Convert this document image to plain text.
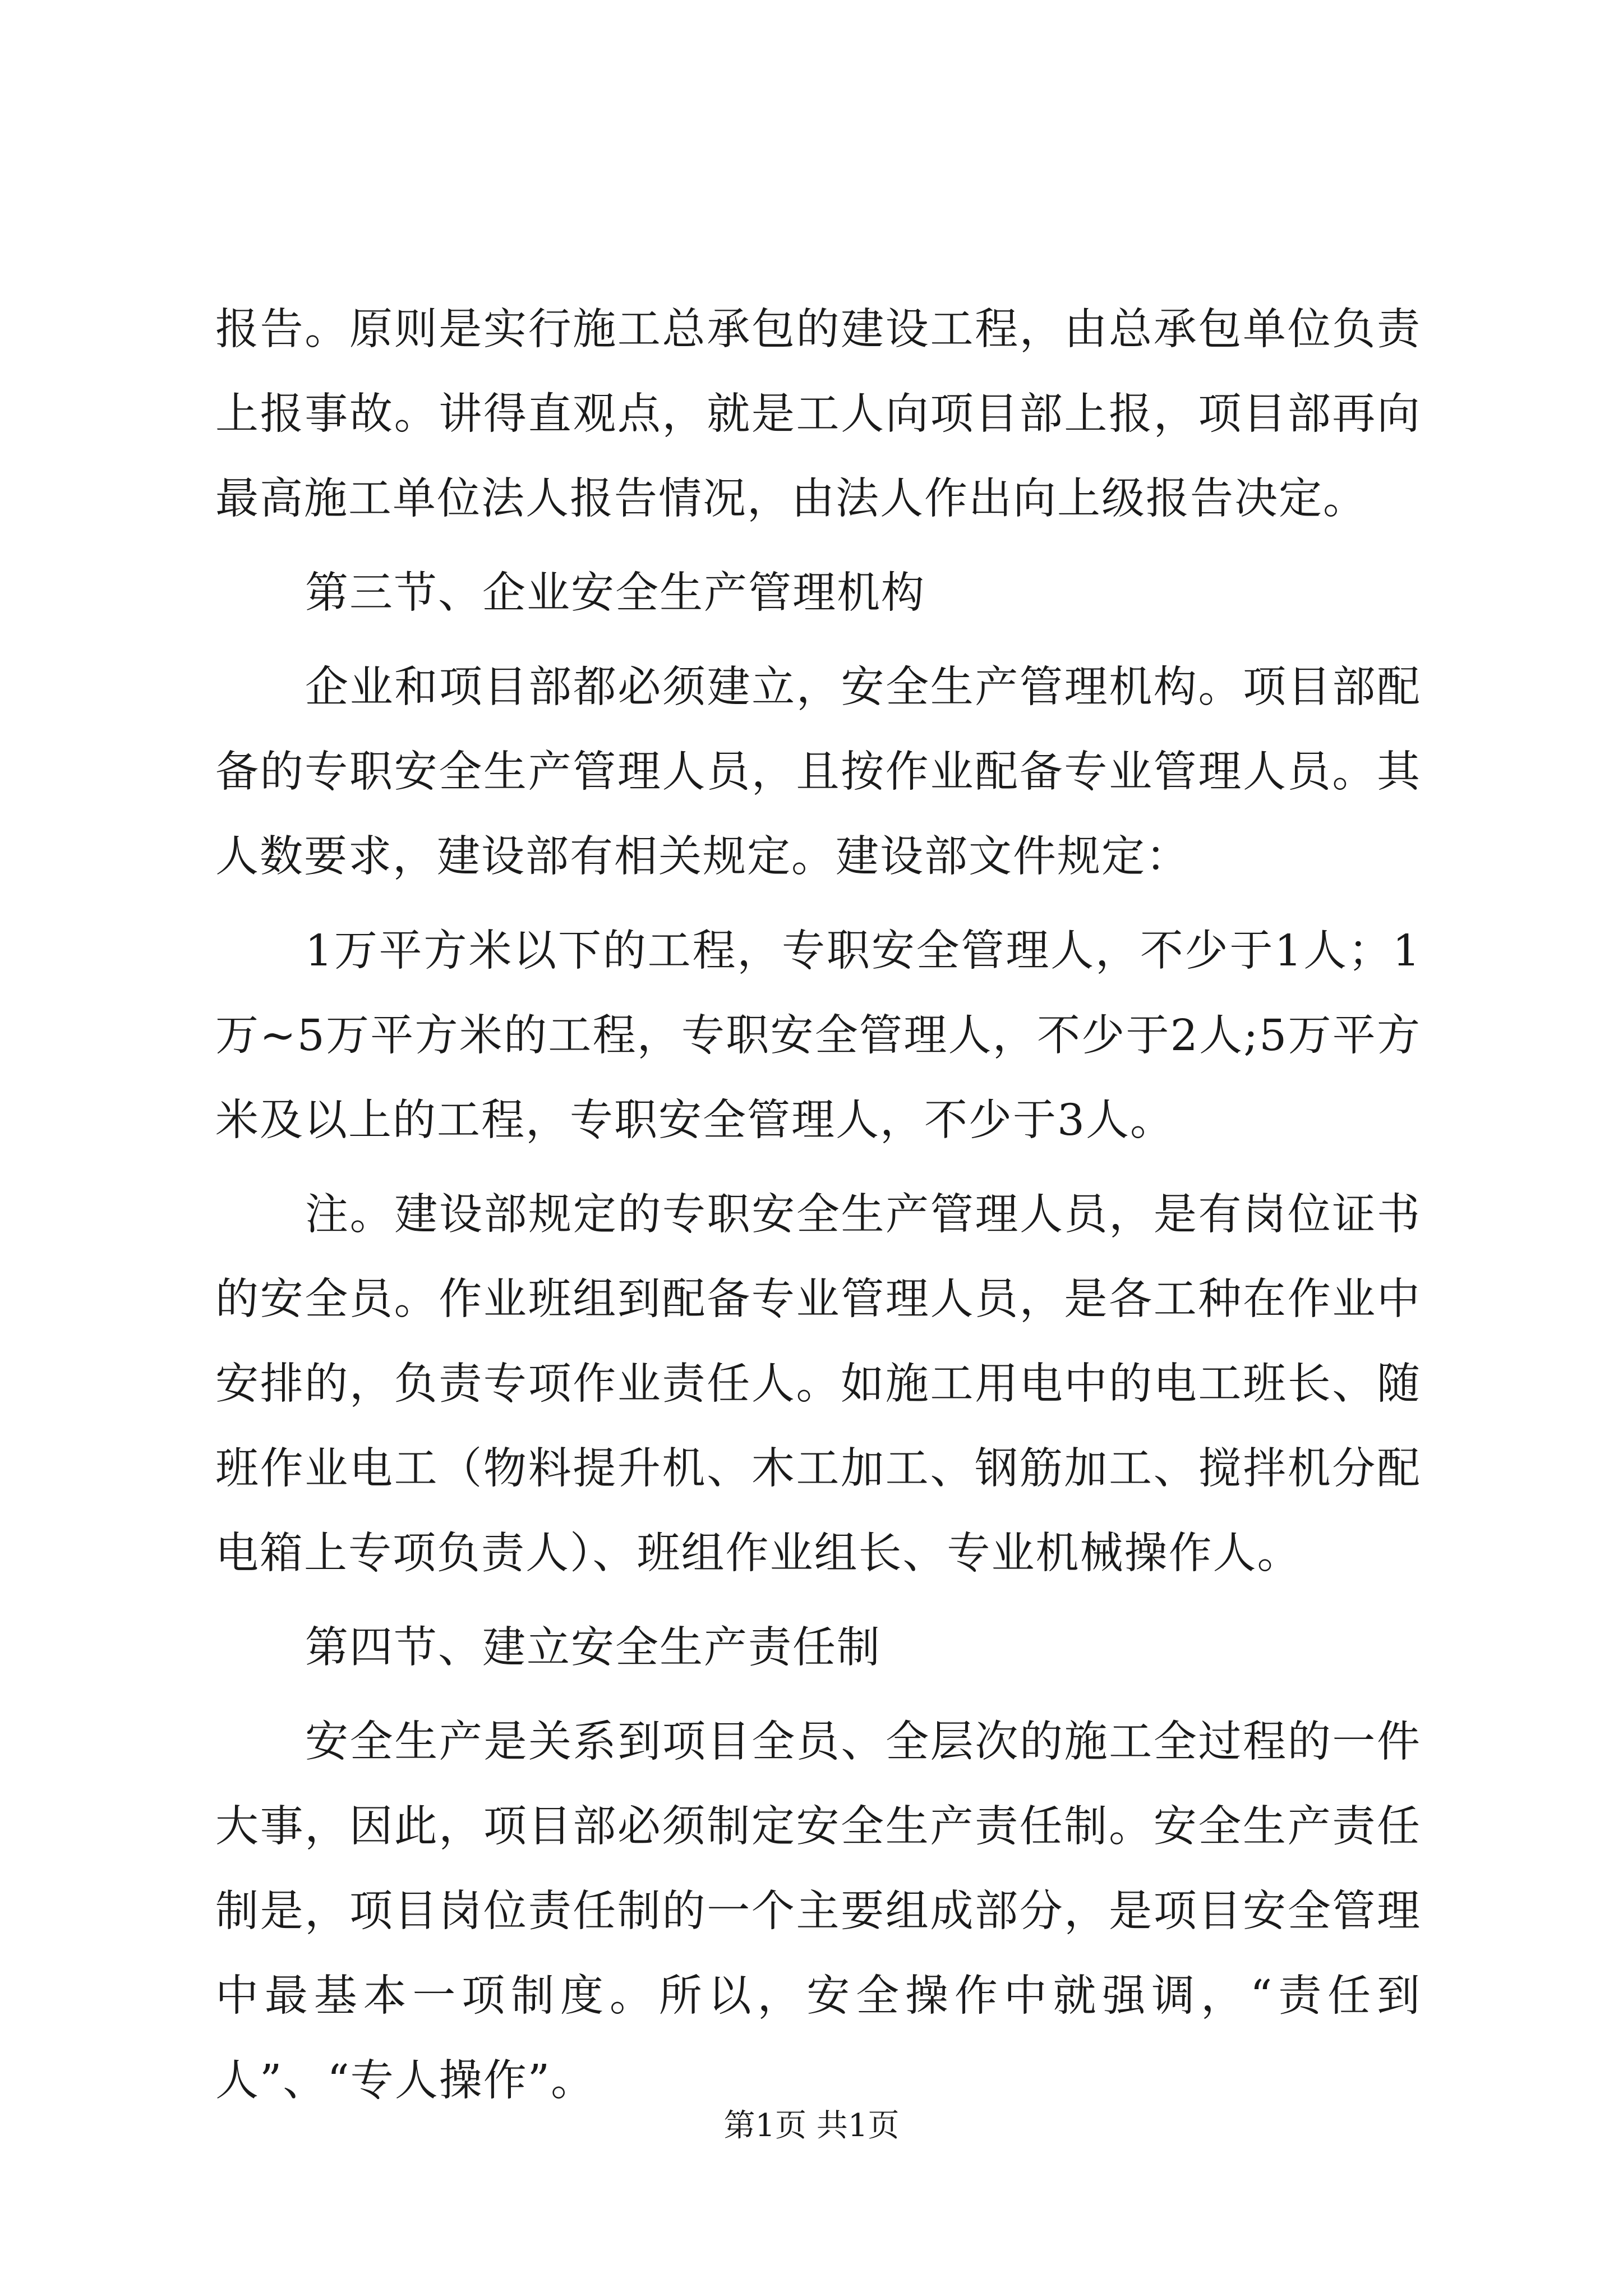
报告。原则是实行施工总承包的建设工程，由总承包单位负责上报事故。讲得直观点，就是工人向项目部上报，项目部再向最高施工单位法人报告情况，由法人作出向上级报告决定。

第三节、企业安全生产管理机构

企业和项目部都必须建立，安全生产管理机构。项目部配备的专职安全生产管理人员，且按作业配备专业管理人员。其人数要求，建设部有相关规定。建设部文件规定：

1万平方米以下的工程，专职安全管理人，不少于1人；1万~5万平方米的工程，专职安全管理人，不少于2人;5万平方米及以上的工程，专职安全管理人，不少于3人。

注。建设部规定的专职安全生产管理人员，是有岗位证书的安全员。作业班组到配备专业管理人员，是各工种在作业中安排的，负责专项作业责任人。如施工用电中的电工班长、随班作业电工（物料提升机、木工加工、钢筋加工、搅拌机分配电箱上专项负责人）、班组作业组长、专业机械操作人。

第四节、建立安全生产责任制

安全生产是关系到项目全员、全层次的施工全过程的一件大事，因此，项目部必须制定安全生产责任制。安全生产责任制是，项目岗位责任制的一个主要组成部分，是项目安全管理中最基本一项制度。所以，安全操作中就强调，“责任到人”、“专人操作”。

第1页 共1页
